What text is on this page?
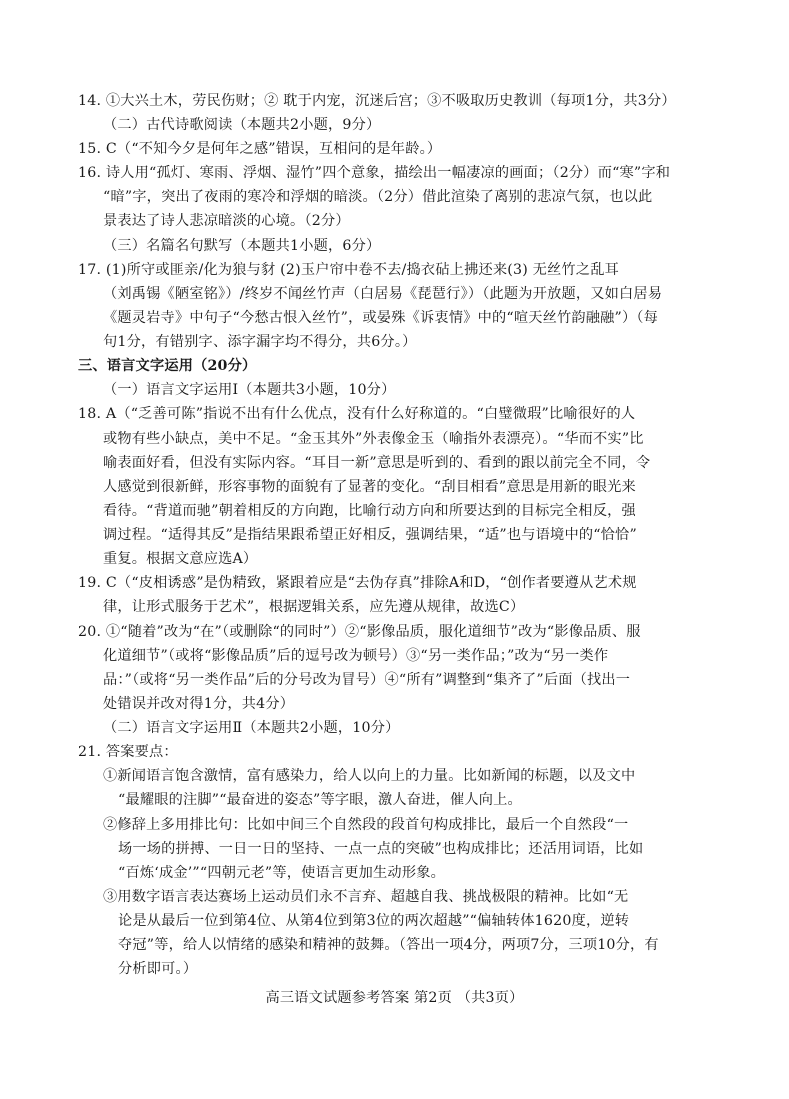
14. ①大兴土木，劳民伤财；② 耽于内宠，沉迷后宫；③不吸取历史教训（每项1分，共3分）
（二）古代诗歌阅读（本题共2小题，9分）
15. C（“不知今夕是何年之感”错误，互相问的是年龄。）
16. 诗人用“孤灯、寒雨、浮烟、湿竹”四个意象，描绘出一幅凄凉的画面；（2分）而“寒”字和
“暗”字，突出了夜雨的寒冷和浮烟的暗淡。（2分）借此渲染了离别的悲凉气氛，也以此
景表达了诗人悲凉暗淡的心境。（2分）
（三）名篇名句默写（本题共1小题，6分）
17. (1)所守或匪亲/化为狼与豺 (2)玉户帘中卷不去/捣衣砧上拂还来(3) 无丝竹之乱耳
（刘禹锡《陋室铭》）/终岁不闻丝竹声（白居易《琵琶行》）（此题为开放题，又如白居易
《题灵岩寺》中句子“今愁古恨入丝竹”，或晏殊《诉衷情》中的“喧天丝竹韵融融”）（每
句1分，有错别字、添字漏字均不得分，共6分。）
三、语言文字运用（20分）
（一）语言文字运用Ⅰ（本题共3小题，10分）
18. A（“乏善可陈”指说不出有什么优点，没有什么好称道的。“白璧微瑕”比喻很好的人
或物有些小缺点，美中不足。“金玉其外”外表像金玉（喻指外表漂亮）。“华而不实”比
喻表面好看，但没有实际内容。“耳目一新”意思是听到的、看到的跟以前完全不同，令
人感觉到很新鲜，形容事物的面貌有了显著的变化。“刮目相看”意思是用新的眼光来
看待。“背道而驰”朝着相反的方向跑，比喻行动方向和所要达到的目标完全相反，强
调过程。“适得其反”是指结果跟希望正好相反，强调结果，“适”也与语境中的“恰恰”
重复。根据文意应选A）
19. C（“皮相诱惑”是伪精致，紧跟着应是“去伪存真”排除A和D，“创作者要遵从艺术规
律，让形式服务于艺术”，根据逻辑关系，应先遵从规律，故选C）
20. ①“随着”改为“在”（或删除“的同时”）②“影像品质，服化道细节”改为“影像品质、服
化道细节”（或将“影像品质”后的逗号改为顿号）③“另一类作品；”改为“另一类作
品：”（或将“另一类作品”后的分号改为冒号）④“所有”调整到“集齐了”后面（找出一
处错误并改对得1分，共4分）
（二）语言文字运用Ⅱ（本题共2小题，10分）
21. 答案要点：
①新闻语言饱含激情，富有感染力，给人以向上的力量。比如新闻的标题，以及文中
“最耀眼的注脚”“最奋进的姿态”等字眼，激人奋进，催人向上。
②修辞上多用排比句：比如中间三个自然段的段首句构成排比，最后一个自然段“一
场一场的拼搏、一日一日的坚持、一点一点的突破”也构成排比；还活用词语，比如
“百炼‘成金’”“四朝元老”等，使语言更加生动形象。
③用数字语言表达赛场上运动员们永不言弃、超越自我、挑战极限的精神。比如“无
论是从最后一位到第4位、从第4位到第3位的两次超越”“偏轴转体1620度，逆转
夺冠”等，给人以情绪的感染和精神的鼓舞。（答出一项4分，两项7分，三项10分，有
分析即可。）
高三语文试题参考答案 第2页 （共3页）
